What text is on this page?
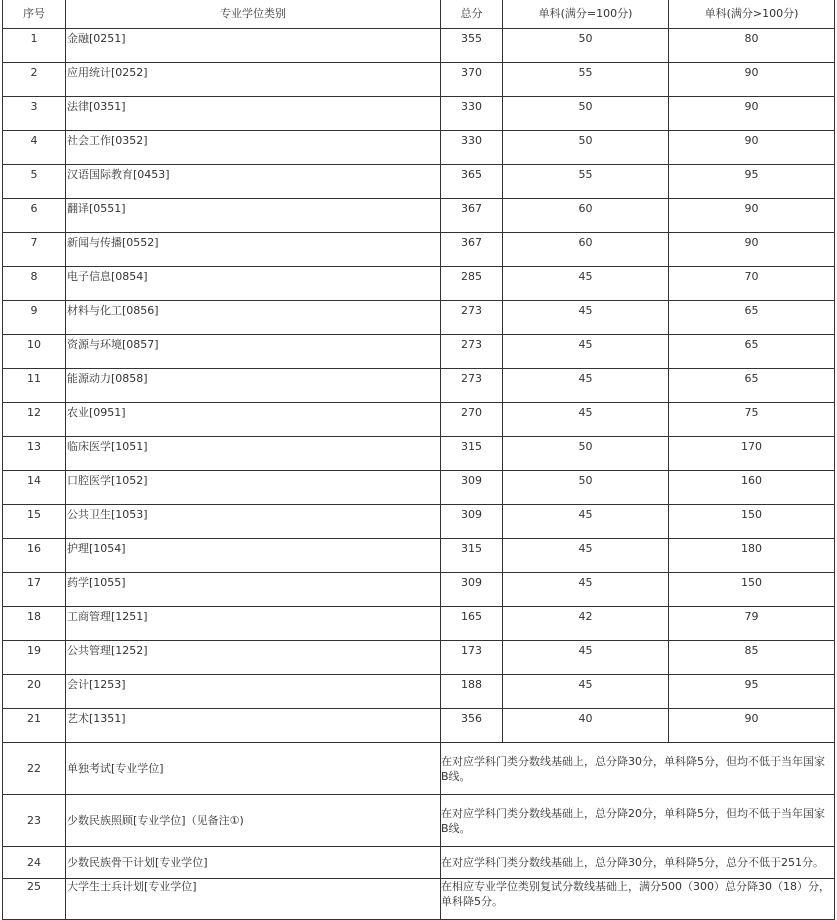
序号	专业学位类别	总分	单科(满分=100分)	单科(满分>100分)
1	金融[0251]	355	50	80
2	应用统计[0252]	370	55	90
3	法律[0351]	330	50	90
4	社会工作[0352]	330	50	90
5	汉语国际教育[0453]	365	55	95
6	翻译[0551]	367	60	90
7	新闻与传播[0552]	367	60	90
8	电子信息[0854]	285	45	70
9	材料与化工[0856]	273	45	65
10	资源与环境[0857]	273	45	65
11	能源动力[0858]	273	45	65
12	农业[0951]	270	45	75
13	临床医学[1051]	315	50	170
14	口腔医学[1052]	309	50	160
15	公共卫生[1053]	309	45	150
16	护理[1054]	315	45	180
17	药学[1055]	309	45	150
18	工商管理[1251]	165	42	79
19	公共管理[1252]	173	45	85
20	会计[1253]	188	45	95
21	艺术[1351]	356	40	90
22	单独考试[专业学位]	在对应学科门类分数线基础上，总分降30分，单科降5分，但均不低于当年国家B线。		
23	少数民族照顾[专业学位]（见备注①)	在对应学科门类分数线基础上，总分降20分，单科降5分，但均不低于当年国家B线。		
24	少数民族骨干计划[专业学位]	在对应学科门类分数线基础上，总分降30分，单科降5分，总分不低于251分。		
25	大学生士兵计划[专业学位]	在相应专业学位类别复试分数线基础上，满分500（300）总分降30（18）分，单科降5分。		
